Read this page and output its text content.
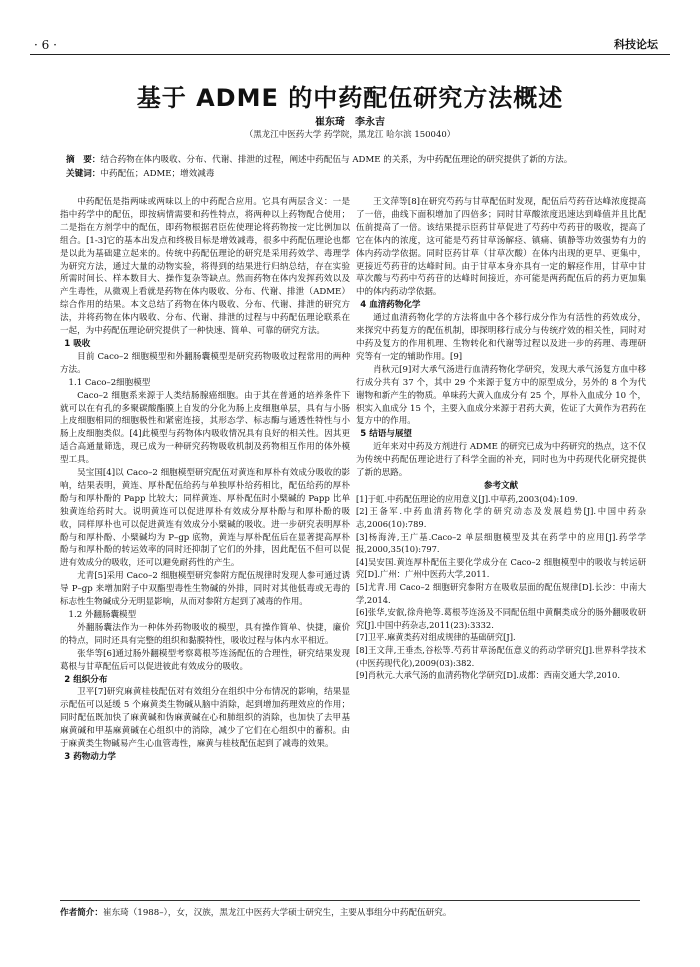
· 6 ·	科技论坛
基于 ADME 的中药配伍研究方法概述
崔东琦　李永吉
（黑龙江中医药大学 药学院，黑龙江 哈尔滨 150040）
摘　要：结合药物在体内吸收、分布、代谢、排泄的过程，阐述中药配伍与 ADME 的关系，为中药配伍理论的研究提供了新的方法。
关键词：中药配伍；ADME；增效减毒

中药配伍是指两味或两味以上的中药配合应用。它具有两层含义：一是指中药学中的配伍，即按病情需要和药性特点，将两种以上药物配合使用；二是指在方剂学中的配伍，即药物根据君臣佐使理论将药物按一定比例加以组合。[1-3]它的基本出发点和终极目标是增效减毒，很多中药配伍理论也都是以此为基础建立起来的。传统中药配伍理论的研究是采用药效学、毒理学为研究方法，通过大量的动物实验，将得到的结果进行归纳总结，存在实验所需时间长、样本数目大、操作复杂等缺点。然而药物在体内发挥药效以及产生毒性，从微观上看就是药物在体内吸收、分布、代谢、排泄（ADME）综合作用的结果。本文总结了药物在体内吸收、分布、代谢、排泄的研究方法，并将药物在体内吸收、分布、代谢、排泄的过程与中药配伍理论联系在一起，为中药配伍理论研究提供了一种快速、简单、可靠的研究方法。

1 吸收

目前 Caco–2 细胞模型和外翻肠囊模型是研究药物吸收过程常用的两种方法。

1.1 Caco–2细胞模型

Caco–2 细胞系来源于人类结肠腺癌细胞。由于其在普通的培养条件下就可以在有孔的多聚碳酸酯膜上自发的分化为肠上皮细胞单层，具有与小肠上皮细胞相同的细胞极性和紧密连接，其形态学、标志酶与通透性特性与小肠上皮细胞类似。[4]此模型与药物体内吸收情况具有良好的相关性。因其更适合高通量筛选，现已成为一种研究药物吸收机制及药物相互作用的体外模型工具。

吴宝国[4]以 Caco–2 细胞模型研究配伍对黄连和厚朴有效成分吸收的影响，结果表明，黄连、厚朴配伍给药与单独厚朴给药相比，配伍给药的厚朴酚与和厚朴酚的 Papp 比较大；同样黄连、厚朴配伍时小檗碱的 Papp 比单独黄连给药时大。说明黄连可以促进厚朴有效成分厚朴酚与和厚朴酚的吸收，同样厚朴也可以促进黄连有效成分小檗碱的吸收。进一步研究表明厚朴酚与和厚朴酚、小檗碱均为 P–gp 底物，黄连与厚朴配伍后在显著提高厚朴酚与和厚朴酚的转运效率的同时还抑制了它们的外排，因此配伍不但可以促进有效成分的吸收，还可以避免耐药性的产生。

尤青[5]采用 Caco–2 细胞模型研究参附方配伍规律时发现人参可通过诱导 P–gp 来增加附子中双酯型毒性生物碱的外排，同时对其他低毒或无毒的标志性生物碱成分无明显影响，从而对参附方起到了减毒的作用。

1.2 外翻肠囊模型

外翻肠囊法作为一种体外药物吸收的模型，具有操作简单、快捷，廉价的特点，同时还具有完整的组织和黏膜特性，吸收过程与体内水平相近。

张华等[6]通过肠外翻模型考察葛根芩连汤配伍的合理性，研究结果发现葛根与甘草配伍后可以促进彼此有效成分的吸收。

2 组织分布

卫平[7]研究麻黄桂枝配伍对有效组分在组织中分布情况的影响，结果显示配伍可以延缓 5 个麻黄类生物碱从脑中消除，起到增加药理效应的作用；同时配伍既加快了麻黄碱和伪麻黄碱在心和肺组织的消除，也加快了去甲基麻黄碱和甲基麻黄碱在心组织中的消除，减少了它们在心组织中的蓄积。由于麻黄类生物碱易产生心血管毒性，麻黄与桂枝配伍起到了减毒的效果。

3 药物动力学

王文萍等[8]在研究芍药与甘草配伍时发现，配伍后芍药苷达峰浓度提高了一倍，曲线下面积增加了四倍多；同时甘草酸浓度迅速达到峰值并且比配伍前提高了一倍。该结果提示臣药甘草促进了芍药中芍药苷的吸收，提高了它在体内的浓度，这可能是芍药甘草汤解痉、镇痛、镇静等功效强势有力的体内药动学依据。同时臣药甘草（甘草次酸）在体内出现的更早、更集中，更接近芍药苷的达峰时间。由于甘草本身亦具有一定的解痉作用，甘草中甘草次酸与芍药中芍药苷的达峰时间接近，亦可能是两药配伍后的药力更加集中的体内药动学依据。

4 血清药物化学

通过血清药物化学的方法将血中各个移行成分作为有活性的药效成分，来探究中药复方的配伍机制，即探明移行成分与传统疗效的相关性，同时对中药及复方的作用机理、生物转化和代谢等过程以及进一步的药理、毒理研究等有一定的辅助作用。[9]

肖秋元[9]对大承气汤进行血清药物化学研究，发现大承气汤复方血中移行成分共有 37 个，其中 29 个来源于复方中的原型成分，另外的 8 个为代谢物和新产生的物质。单味药大黄入血成分有 25 个，厚朴入血成分 10 个，枳实入血成分 15 个，主要入血成分来源于君药大黄，佐证了大黄作为君药在复方中的作用。

5 结语与展望

近年来对中药及方剂进行 ADME 的研究已成为中药研究的热点，这不仅为传统中药配伍理论进行了科学全面的补充，同时也为中药现代化研究提供了新的思路。

参考文献

[1]于虹.中药配伍理论的应用意义[J].中草药,2003(04):109.

[2]王备军.中药血清药物化学的研究动态及发展趋势[J].中国中药杂志,2006(10):789.

[3]杨海涛,王广基.Caco–2 单层细胞模型及其在药学中的应用[J].药学学报,2000,35(10):797.

[4]吴安国.黄连厚朴配伍主要化学成分在 Caco–2 细胞模型中的吸收与转运研究[D].广州：广州中医药大学,2011.

[5]尤青.用 Caco–2 细胞研究参附方在吸收层面的配伍规律[D].长沙：中南大学,2014.

[6]张华,安叡,徐舟艳等.葛根芩连汤及不同配伍组中黄酮类成分的肠外翻吸收研究[J].中国中药杂志,2011(23):3332.

[7]卫平.麻黄类药对组成规律的基础研究[J].

[8]王文萍,王垂杰,谷松等.芍药甘草汤配伍意义的药动学研究[J].世界科学技术(中医药现代化),2009(03):382.

[9]肖秋元.大承气汤的血清药物化学研究[D].成都：西南交通大学,2010.

作者简介：崔东琦（1988–），女，汉族，黑龙江中医药大学硕士研究生，主要从事组分中药配伍研究。
